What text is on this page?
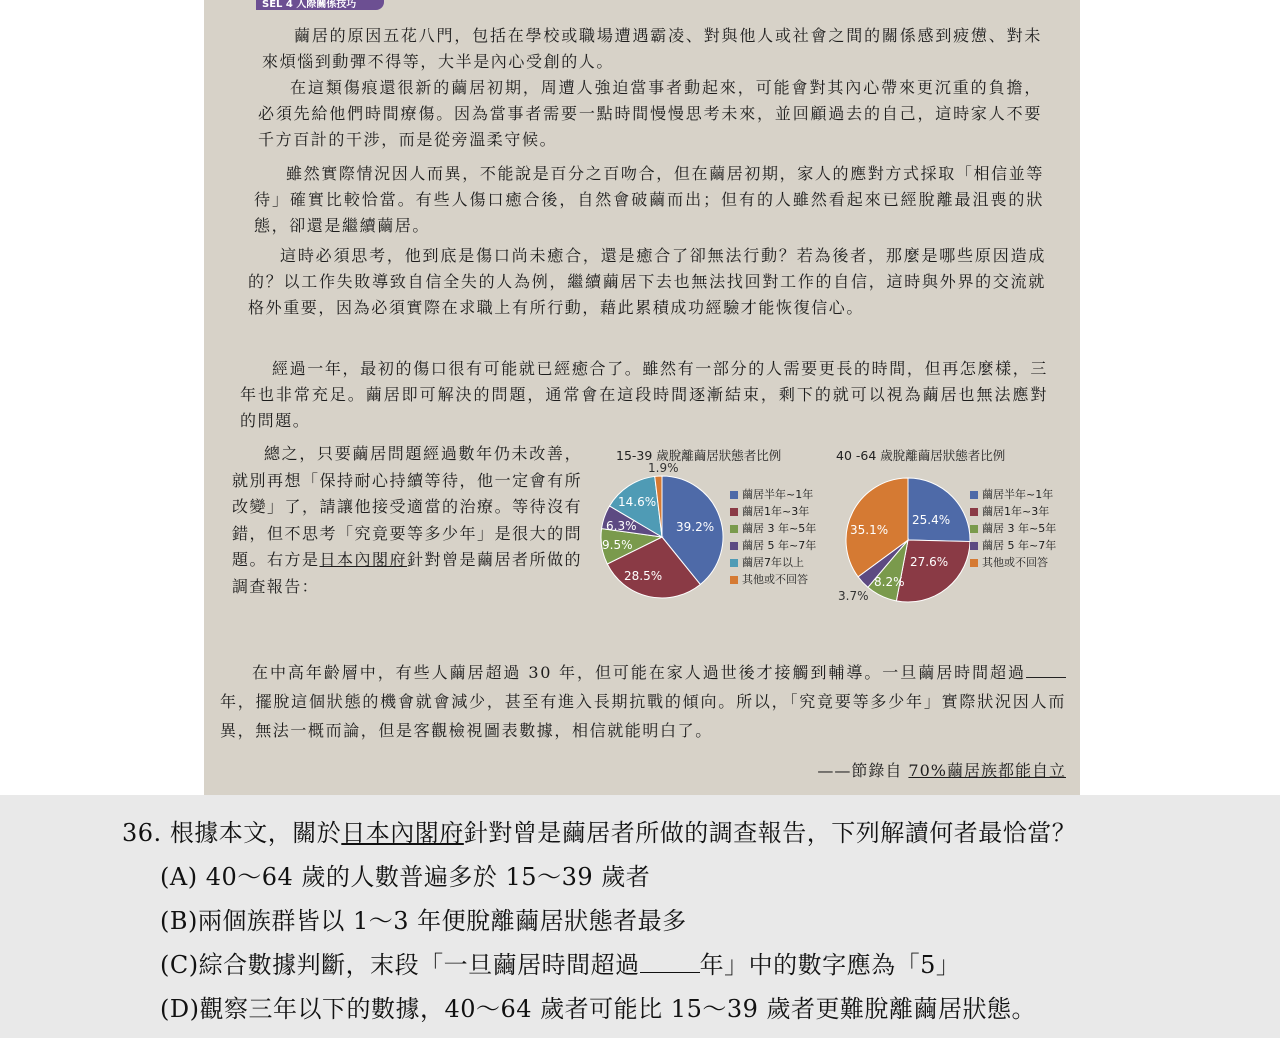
SEL 4 人際關係技巧

繭居的原因五花八門，包括在學校或職場遭遇霸凌、對與他人或社會之間的關係感到疲憊、對未來煩惱到動彈不得等，大半是內心受創的人。

在這類傷痕還很新的繭居初期，周遭人強迫當事者動起來，可能會對其內心帶來更沉重的負擔，必須先給他們時間療傷。因為當事者需要一點時間慢慢思考未來，並回顧過去的自己，這時家人不要千方百計的干涉，而是從旁溫柔守候。

雖然實際情況因人而異，不能說是百分之百吻合，但在繭居初期，家人的應對方式採取「相信並等待」確實比較恰當。有些人傷口癒合後，自然會破繭而出；但有的人雖然看起來已經脫離最沮喪的狀態，卻還是繼續繭居。

這時必須思考，他到底是傷口尚未癒合，還是癒合了卻無法行動？若為後者，那麼是哪些原因造成的？以工作失敗導致自信全失的人為例，繼續繭居下去也無法找回對工作的自信，這時與外界的交流就格外重要，因為必須實際在求職上有所行動，藉此累積成功經驗才能恢復信心。

經過一年，最初的傷口很有可能就已經癒合了。雖然有一部分的人需要更長的時間，但再怎麼樣，三年也非常充足。繭居即可解決的問題，通常會在這段時間逐漸結束，剩下的就可以視為繭居也無法應對的問題。

總之，只要繭居問題經過數年仍未改善，就別再想「保持耐心持續等待，他一定會有所改變」了，請讓他接受適當的治療。等待沒有錯，但不思考「究竟要等多少年」是很大的問題。右方是日本內閣府針對曾是繭居者所做的調查報告：

15-39 歲脫離繭居狀態者比例
39.2%
28.5%
9.5%
6.3%
14.6%
1.9%
繭居半年~1年
繭居1年~3年
繭居 3 年~5年
繭居 5 年~7年
繭居7年以上
其他或不回答
40 -64 歲脫離繭居狀態者比例
25.4%
27.6%
8.2%
3.7%
35.1%
繭居半年~1年
繭居1年~3年
繭居 3 年~5年
繭居 5 年~7年
其他或不回答

在中高年齡層中，有些人繭居超過 30 年，但可能在家人過世後才接觸到輔導。一旦繭居時間超過年，擺脫這個狀態的機會就會減少，甚至有進入長期抗戰的傾向。所以，「究竟要等多少年」實際狀況因人而異，無法一概而論，但是客觀檢視圖表數據，相信就能明白了。

——節錄自 70%繭居族都能自立
36. 根據本文，關於日本內閣府針對曾是繭居者所做的調查報告，下列解讀何者最恰當？
(A) 40～64 歲的人數普遍多於 15～39 歲者
(B)兩個族群皆以 1～3 年便脫離繭居狀態者最多
(C)綜合數據判斷，末段「一旦繭居時間超過	年」中的數字應為「5」
(D)觀察三年以下的數據，40～64 歲者可能比 15～39 歲者更難脫離繭居狀態。
